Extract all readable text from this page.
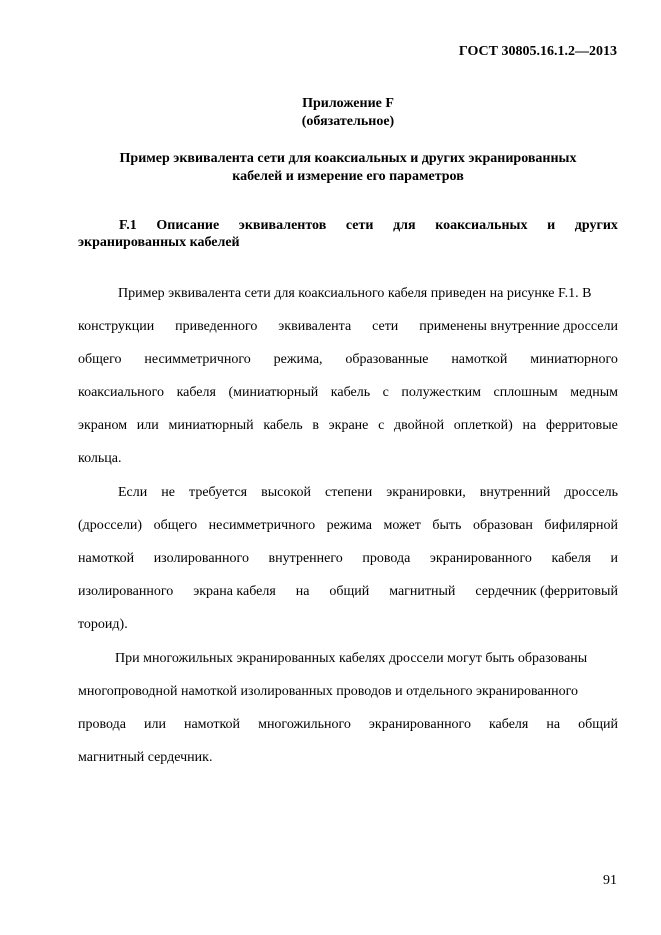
ГОСТ 30805.16.1.2—2013
Приложение F
(обязательное)
Пример эквивалента сети для коаксиальных и других экранированных
кабелей и измерение его параметров
F.1 Описание эквивалентов сети для коаксиальных и других
экранированных кабелей
Пример эквивалента сети для коаксиального кабеля приведен на рисунке F.1. В
конструкции приведенного эквивалента сети применены внутренние дроссели
общего несимметричного режима, образованные намоткой миниатюрного
коаксиального кабеля (миниатюрный кабель с полужестким сплошным медным
экраном или миниатюрный кабель в экране с двойной оплеткой) на ферритовые
кольца.
Если не требуется высокой степени экранировки, внутренний дроссель
(дроссели) общего несимметричного режима может быть образован бифилярной
намоткой изолированного внутреннего провода экранированного кабеля и
изолированного экрана кабеля на общий магнитный сердечник (ферритовый
тороид).
При многожильных экранированных кабелях дроссели могут быть образованы
многопроводной намоткой изолированных проводов и отдельного экранированного
провода или намоткой многожильного экранированного кабеля на общий
магнитный сердечник.
91
